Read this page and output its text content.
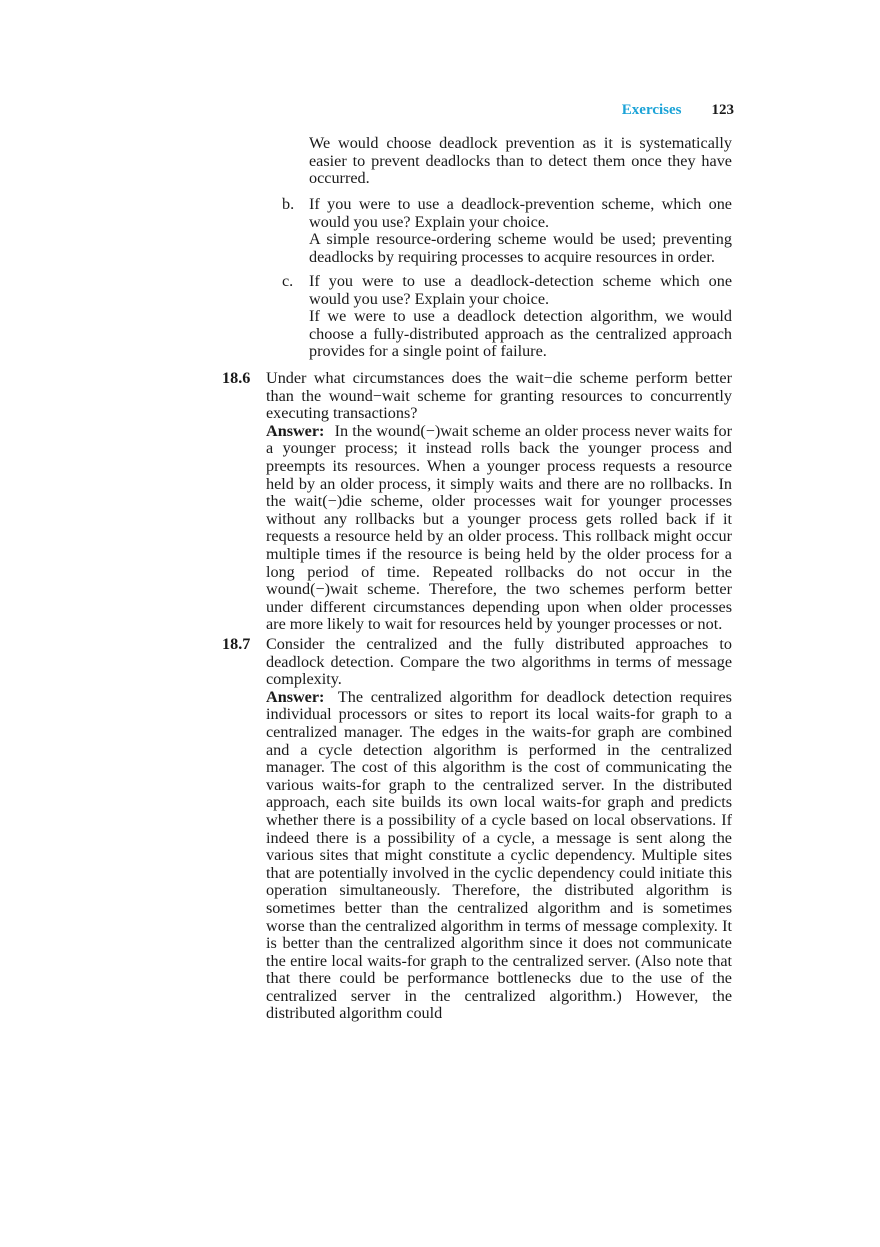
Exercises 123

We would choose deadlock prevention as it is systematically easier to prevent deadlocks than to detect them once they have occurred.

b. If you were to use a deadlock-prevention scheme, which one would you use? Explain your choice.

A simple resource-ordering scheme would be used; preventing deadlocks by requiring processes to acquire resources in order.

c. If you were to use a deadlock-detection scheme which one would you use? Explain your choice.

If we were to use a deadlock detection algorithm, we would choose a fully-distributed approach as the centralized approach provides for a single point of failure.

18.6 Under what circumstances does the wait−die scheme perform better than the wound−wait scheme for granting resources to concurrently executing transactions?

Answer: In the wound(−)wait scheme an older process never waits for a younger process; it instead rolls back the younger process and preempts its resources. When a younger process requests a resource held by an older process, it simply waits and there are no rollbacks. In the wait(−)die scheme, older processes wait for younger processes without any rollbacks but a younger process gets rolled back if it requests a resource held by an older process. This rollback might occur multiple times if the resource is being held by the older process for a long period of time. Repeated rollbacks do not occur in the wound(−)wait scheme. Therefore, the two schemes perform better under different circumstances depending upon when older processes are more likely to wait for resources held by younger processes or not.

18.7 Consider the centralized and the fully distributed approaches to deadlock detection. Compare the two algorithms in terms of message complexity.

Answer: The centralized algorithm for deadlock detection requires individual processors or sites to report its local waits-for graph to a centralized manager. The edges in the waits-for graph are combined and a cycle detection algorithm is performed in the centralized manager. The cost of this algorithm is the cost of communicating the various waits-for graph to the centralized server. In the distributed approach, each site builds its own local waits-for graph and predicts whether there is a possibility of a cycle based on local observations. If indeed there is a possibility of a cycle, a message is sent along the various sites that might constitute a cyclic dependency. Multiple sites that are potentially involved in the cyclic dependency could initiate this operation simultaneously. Therefore, the distributed algorithm is sometimes better than the centralized algorithm and is sometimes worse than the centralized algorithm in terms of message complexity. It is better than the centralized algorithm since it does not communicate the entire local waits-for graph to the centralized server. (Also note that that there could be performance bottlenecks due to the use of the centralized server in the centralized algorithm.) However, the distributed algorithm could
